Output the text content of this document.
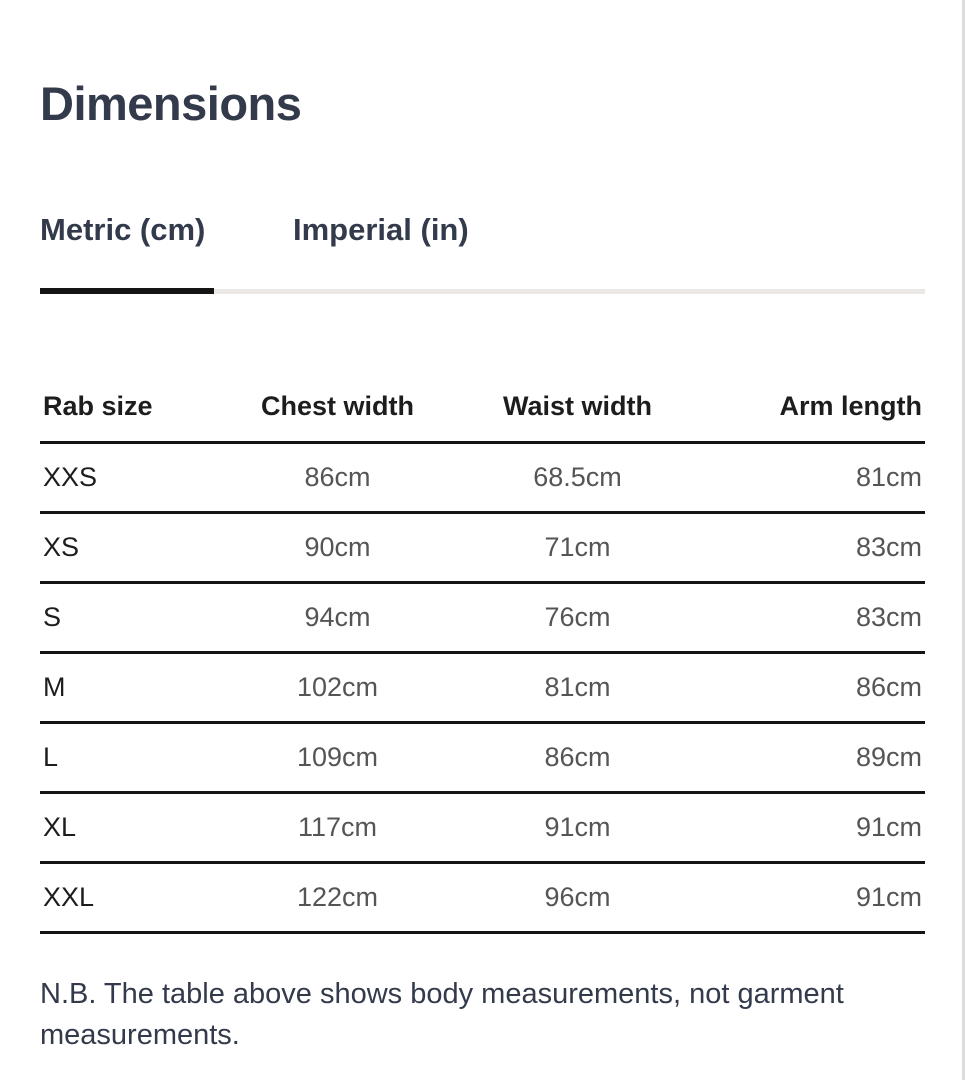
Dimensions
Metric (cm)	Imperial (in)
Rab size	Chest width	Waist width	Arm length
XXS	86cm	68.5cm	81cm
XS	90cm	71cm	83cm
S	94cm	76cm	83cm
M	102cm	81cm	86cm
L	109cm	86cm	89cm
XL	117cm	91cm	91cm
XXL	122cm	96cm	91cm

N.B. The table above shows body measurements, not garment measurements.
